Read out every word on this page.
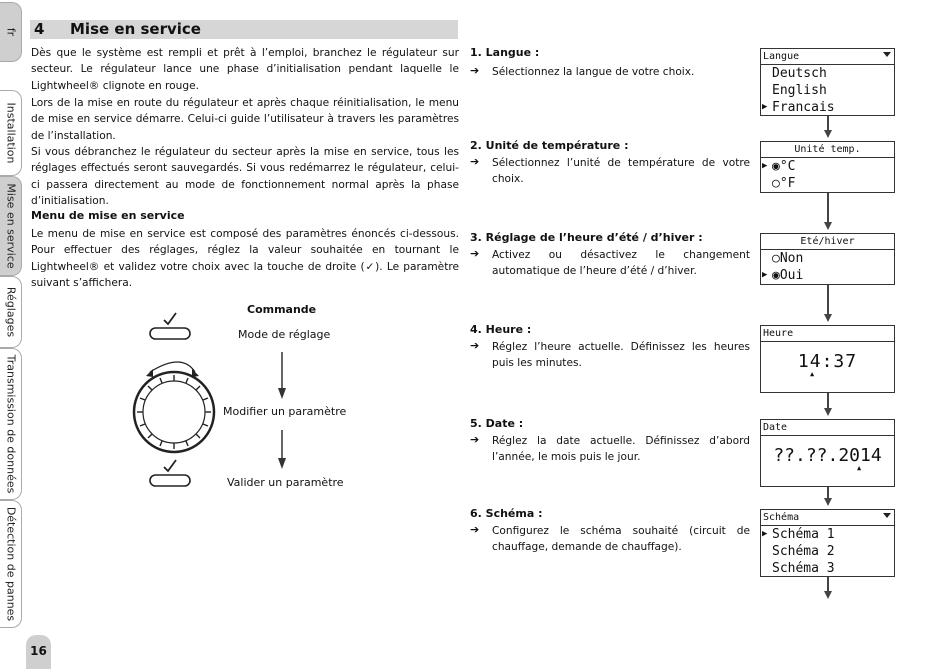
fr
Installation
Mise en service
Réglages
Transmission de données
Détection de pannes
4 Mise en service

Dès que le système est rempli et prêt à l’emploi, branchez le régulateur sur secteur. Le régulateur lance une phase d’initialisation pendant laquelle le Lightwheel® clignote en rouge.

Lors de la mise en route du régulateur et après chaque réinitialisation, le menu de mise en service démarre. Celui-ci guide l’utilisateur à travers les paramètres de l’installation.

Si vous débranchez le régulateur du secteur après la mise en service, tous les réglages effectués seront sauvegardés. Si vous redémarrez le régulateur, celui-ci passera directement au mode de fonctionnement normal après la phase d’initialisation.

Menu de mise en service

Le menu de mise en service est composé des paramètres énoncés ci-dessous. Pour effectuer des réglages, réglez la valeur souhaitée en tournant le Lightwheel® et validez votre choix avec la touche de droite (✓). Le paramètre suivant s’affichera.

Commande
Mode de réglage
Modifier un paramètre
Valider un paramètre
1. Langue :
➔ Sélectionnez la langue de votre choix.
2. Unité de température :
➔ Sélectionnez l’unité de température de votre choix.
3. Réglage de l’heure d’été / d’hiver :
➔ Activez ou désactivez le changement automatique de l’heure d’été / d’hiver.
4. Heure :
➔ Réglez l’heure actuelle. Définissez les heures puis les minutes.
5. Date :
➔ Réglez la date actuelle. Définissez d’abord l’année, le mois puis le jour.
6. Schéma :
➔ Configurez le schéma souhaité (circuit de chauffage, demande de chauffage).
Langue
Deutsch
English
▶ Francais
Unité temp.
▶ ◉°C
○°F
Eté/hiver
○Non
▶ ◉Oui
Heure
14:37
▲
Date
??.??.2014
▲
Schéma
▶ Schéma 1
Schéma 2
Schéma 3
16
